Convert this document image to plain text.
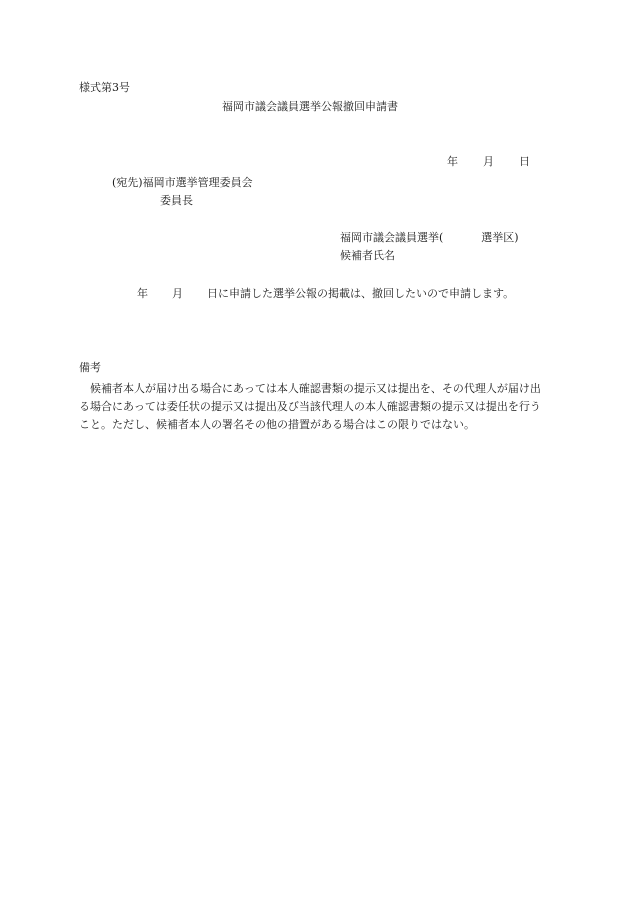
様式第3号
福岡市議会議員選挙公報撤回申請書
年 月 日
(宛先)福岡市選挙管理委員会
委員長
福岡市議会議員選挙(	選挙区)
候補者氏名
年 月 日に申請した選挙公報の掲載は、撤回したいので申請します。
備考
候補者本人が届け出る場合にあっては本人確認書類の提示又は提出を、その代理人が届け出る場合にあっては委任状の提示又は提出及び当該代理人の本人確認書類の提示又は提出を行うこと。ただし、候補者本人の署名その他の措置がある場合はこの限りではない。
